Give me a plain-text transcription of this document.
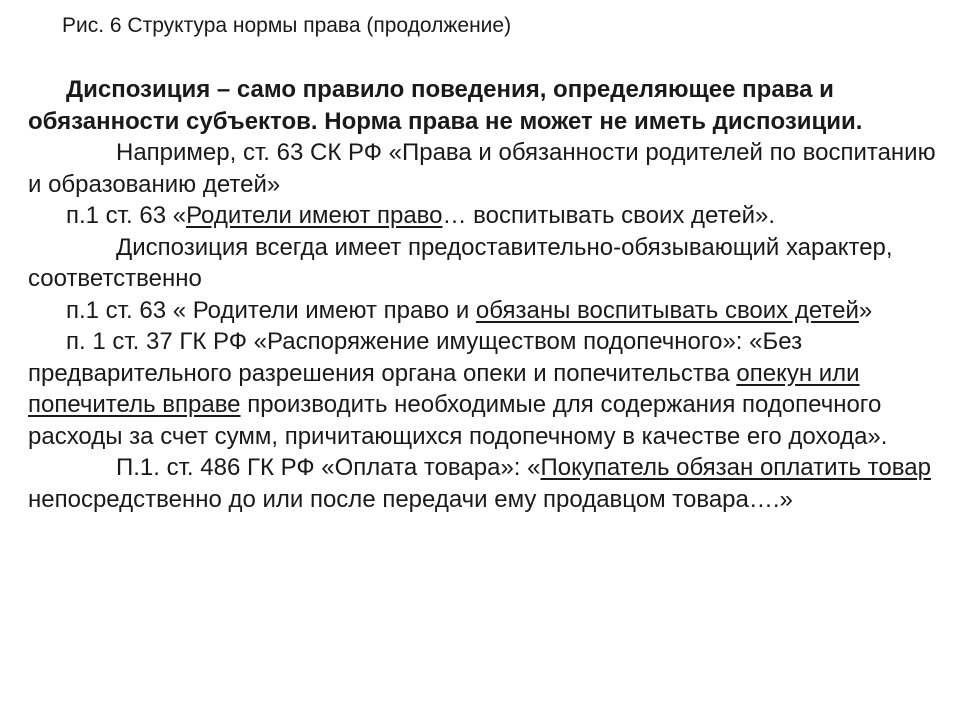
Рис. 6 Структура нормы права (продолжение)

Диспозиция – само правило поведения, определяющее права и обязанности субъектов. Норма права не может не иметь диспозиции.

Например, ст. 63 СК РФ «Права и обязанности родителей по воспитанию и образованию детей»

п.1 ст. 63 «Родители имеют право… воспитывать своих детей».

Диспозиция всегда имеет предоставительно-обязывающий характер, соответственно

п.1 ст. 63 « Родители имеют право и обязаны воспитывать своих детей»

п. 1 ст. 37 ГК РФ «Распоряжение имуществом подопечного»: «Без предварительного разрешения органа опеки и попечительства опекун или попечитель вправе производить необходимые для содержания подопечного расходы за счет сумм, причитающихся подопечному в качестве его дохода».

П.1. ст. 486 ГК РФ «Оплата товара»: «Покупатель обязан оплатить товар непосредственно до или после передачи ему продавцом товара….»
